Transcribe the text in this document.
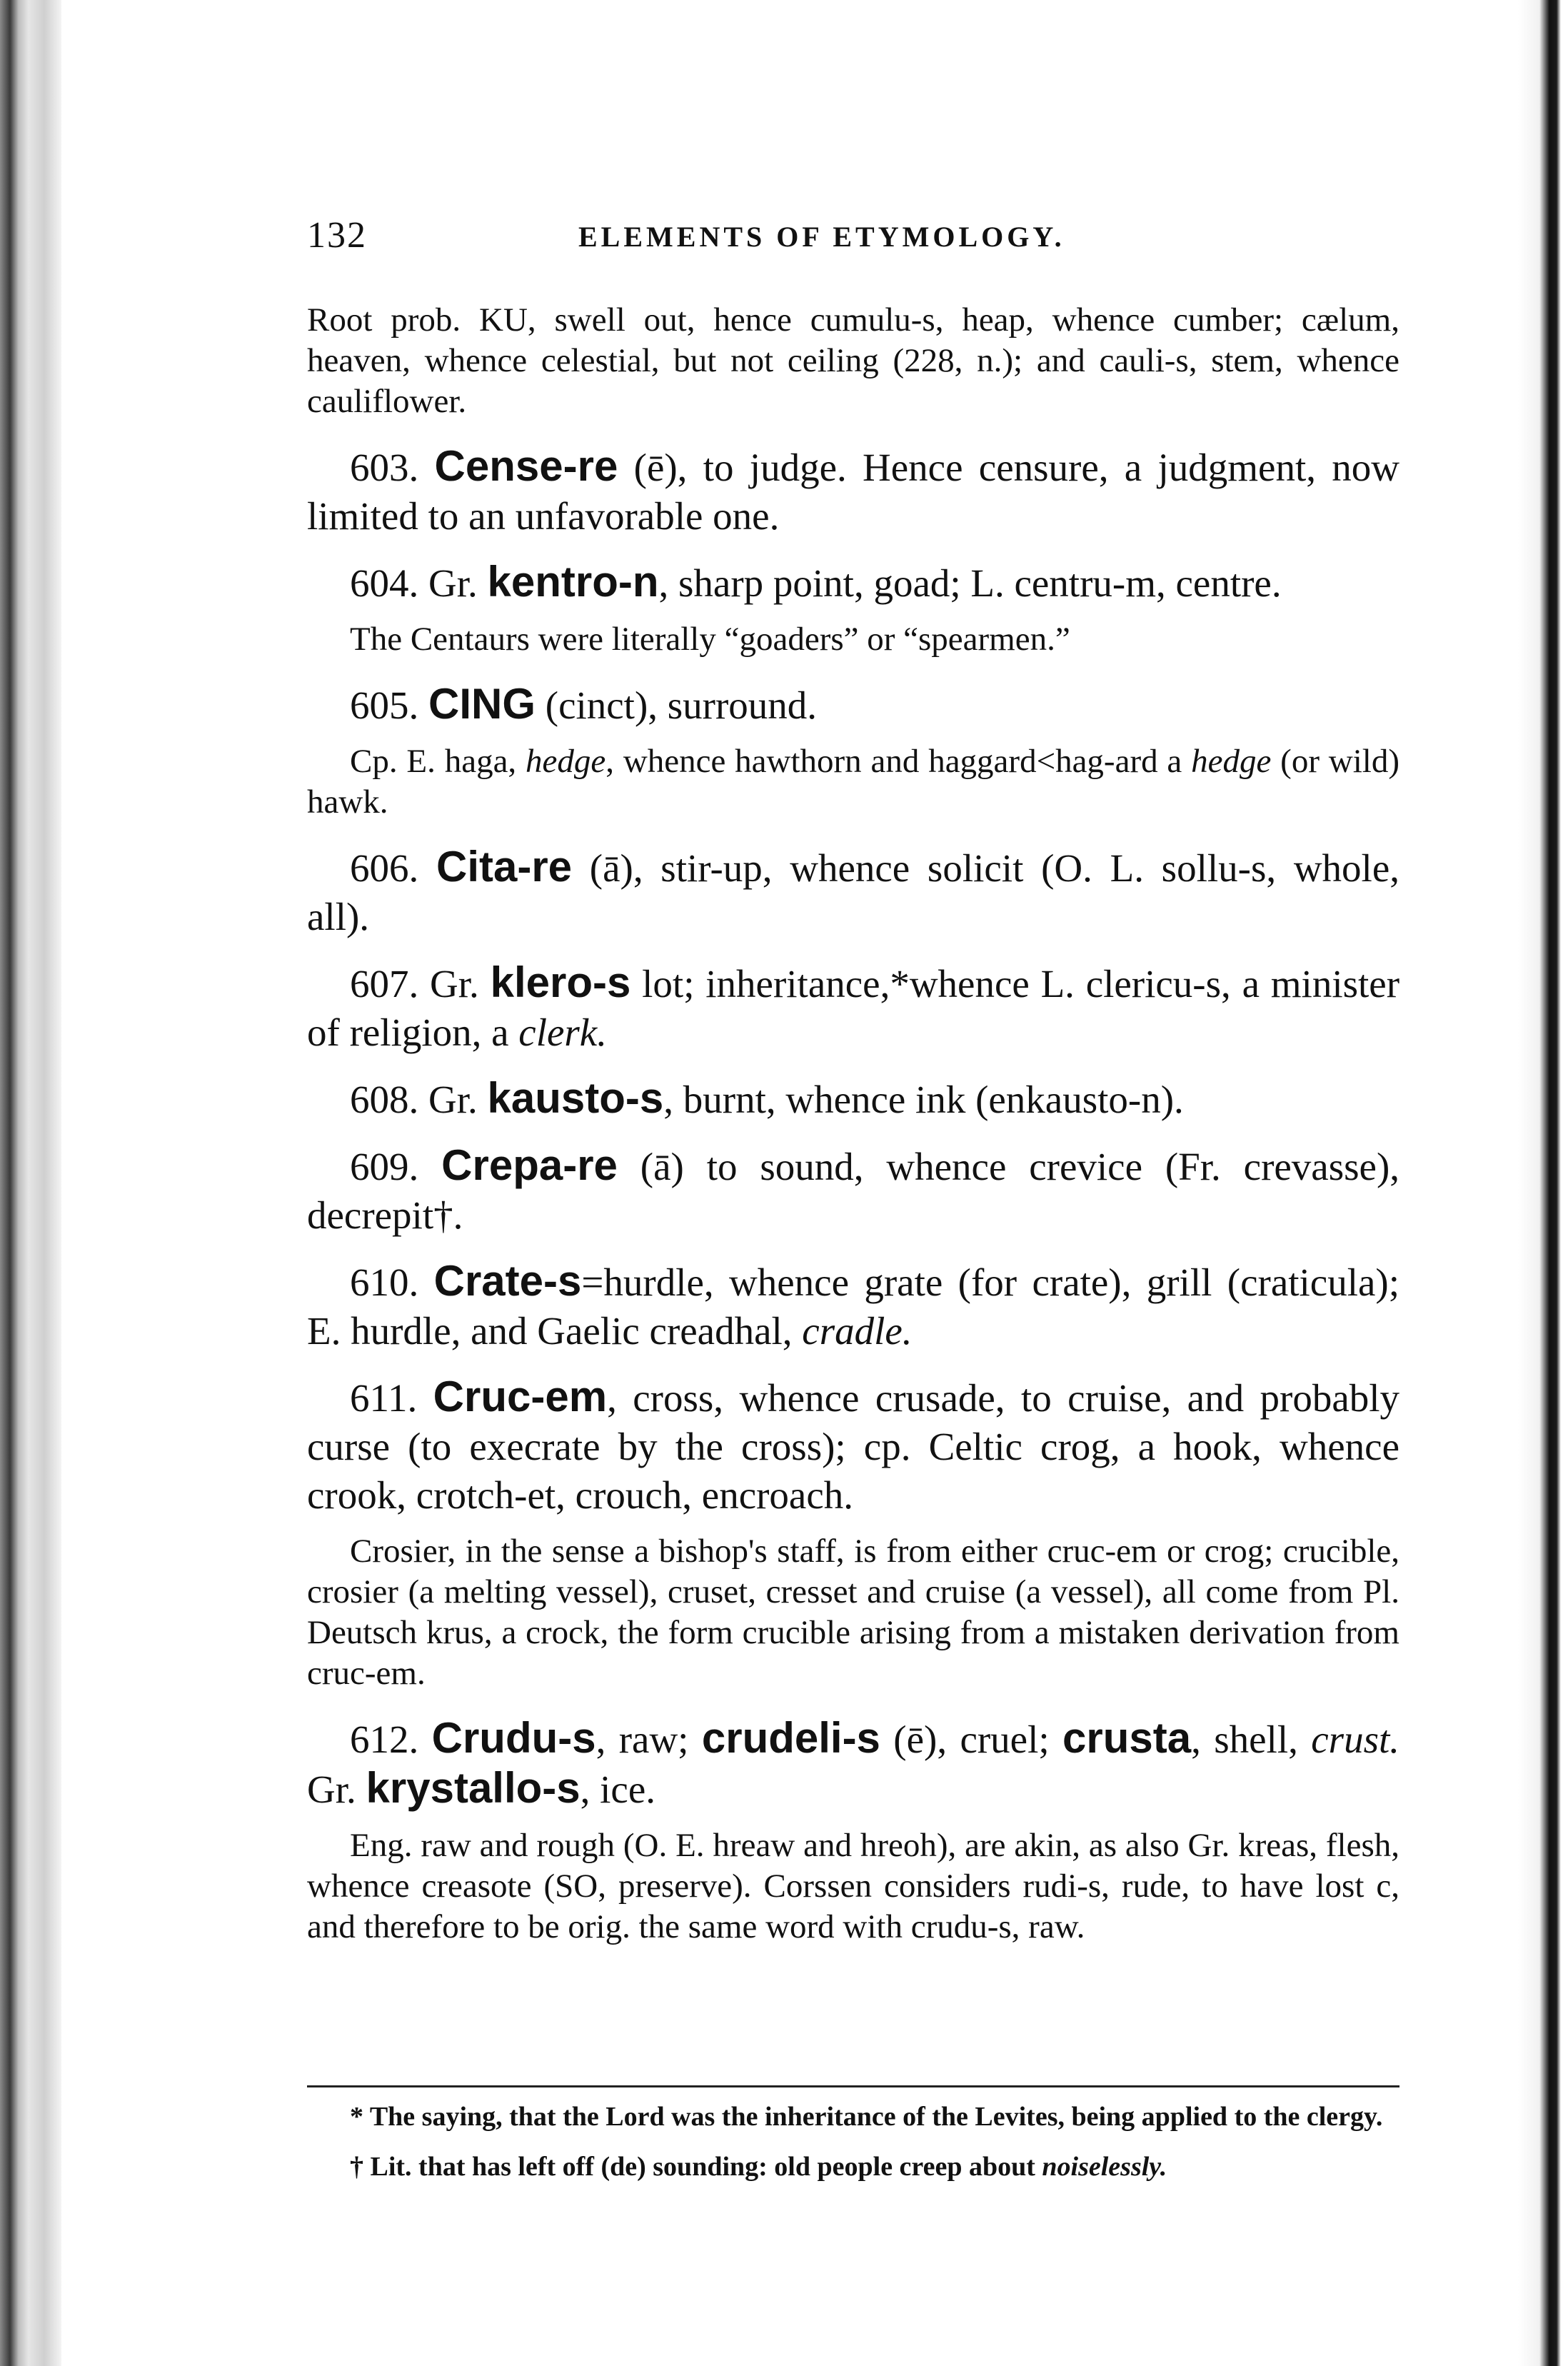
132	ELEMENTS OF ETYMOLOGY.

Root prob. KU, swell out, hence cumulu-s, heap, whence cumber; cælum, heaven, whence celestial, but not ceiling (228, n.); and cauli-s, stem, whence cauliflower.

603. Cense-re (ē), to judge. Hence censure, a judgment, now limited to an unfavorable one.

604. Gr. kentro-n, sharp point, goad; L. centru-m, centre.

The Centaurs were literally “goaders” or “spearmen.”

605. CING (cinct), surround.

Cp. E. haga, hedge, whence hawthorn and haggard<hag-ard a hedge (or wild) hawk.

606. Cita-re (ā), stir-up, whence solicit (O. L. sollu-s, whole, all).

607. Gr. klero-s lot; inheritance,*whence L. clericu-s, a minister of religion, a clerk.

608. Gr. kausto-s, burnt, whence ink (enkausto-n).

609. Crepa-re (ā) to sound, whence crevice (Fr. crevasse), decrepit†.

610. Crate-s=hurdle, whence grate (for crate), grill (craticula); E. hurdle, and Gaelic creadhal, cradle.

611. Cruc-em, cross, whence crusade, to cruise, and probably curse (to execrate by the cross); cp. Celtic crog, a hook, whence crook, crotch-et, crouch, encroach.

Crosier, in the sense a bishop's staff, is from either cruc-em or crog; crucible, crosier (a melting vessel), cruset, cresset and cruise (a vessel), all come from Pl. Deutsch krus, a crock, the form crucible arising from a mistaken derivation from cruc-em.

612. Crudu-s, raw; crudeli-s (ē), cruel; crusta, shell, crust. Gr. krystallo-s, ice.

Eng. raw and rough (O. E. hreaw and hreoh), are akin, as also Gr. kreas, flesh, whence creasote (SO, preserve). Corssen considers rudi-s, rude, to have lost c, and therefore to be orig. the same word with crudu-s, raw.

* The saying, that the Lord was the inheritance of the Levites, being applied to the clergy.

† Lit. that has left off (de) sounding: old people creep about noiselessly.
